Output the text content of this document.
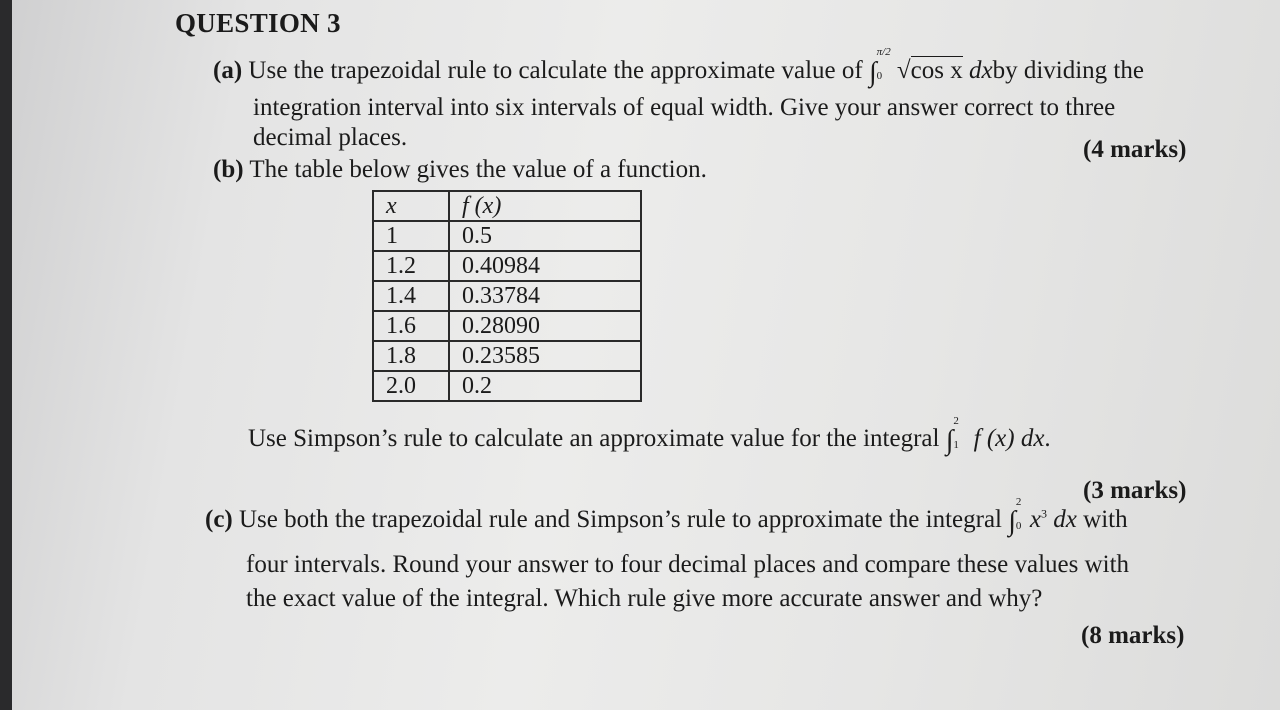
QUESTION 3
(a) Use the trapezoidal rule to calculate the approximate value of ∫
π/2
0 √cos x dxby dividing the
integration interval into six intervals of equal width. Give your answer correct to three
decimal places.	(4 marks)
(b) The table below gives the value of a function.
x	f (x)
1	0.5
1.2	0.40984
1.4	0.33784
1.6	0.28090
1.8	0.23585
2.0	0.2
Use Simpson’s rule to calculate an approximate value for the integral ∫
2
1 f (x) dx.
(3 marks)
(c) Use both the trapezoidal rule and Simpson’s rule to approximate the integral ∫
2
0 $x^3$ dx with
four intervals. Round your answer to four decimal places and compare these values with
the exact value of the integral. Which rule give more accurate answer and why?
(8 marks)
